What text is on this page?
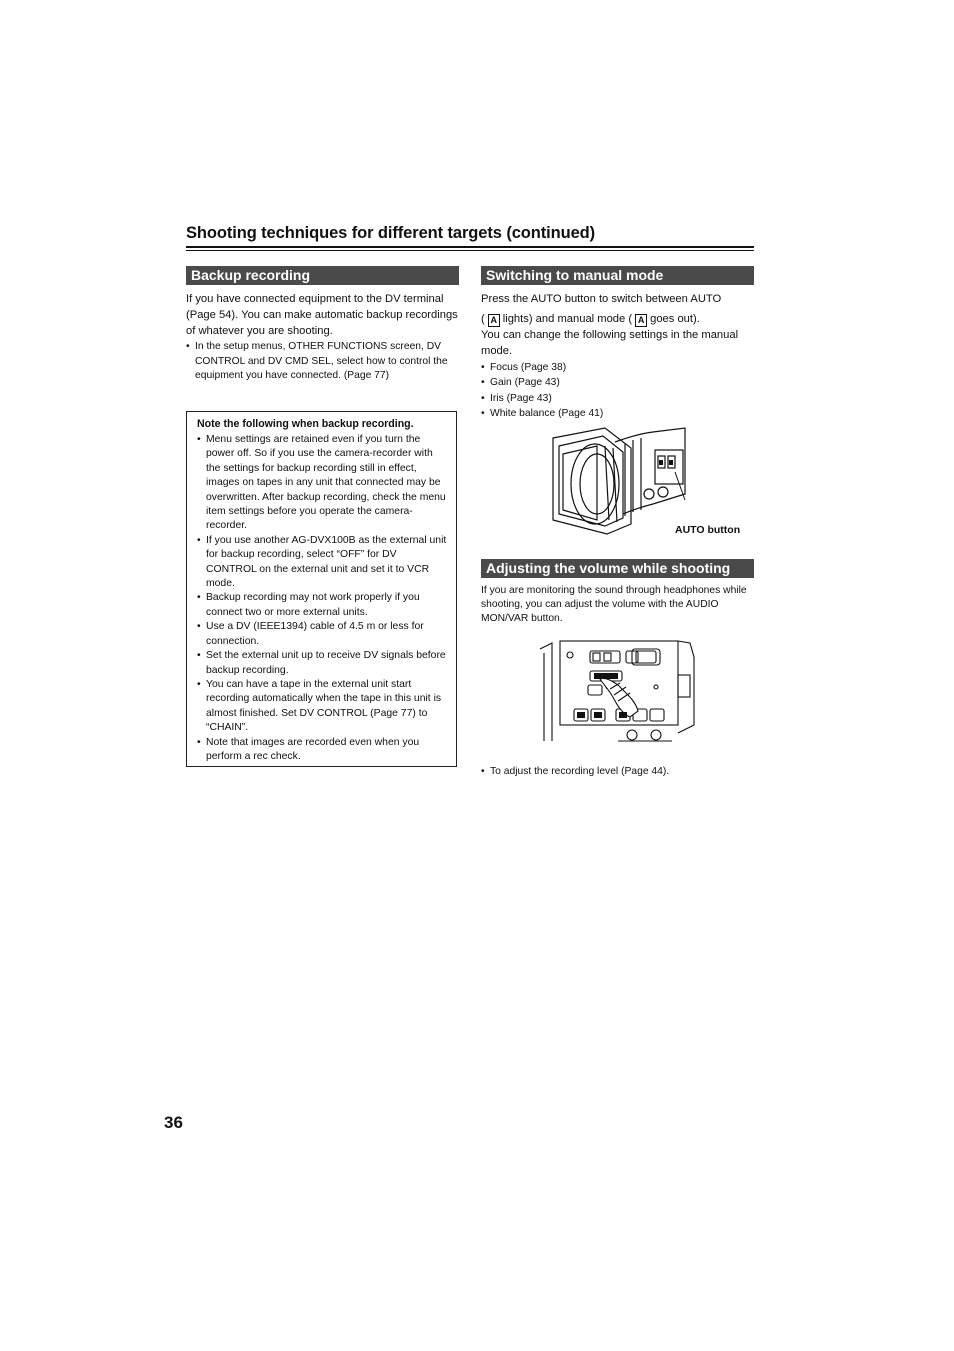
Shooting techniques for different targets (continued)
Backup recording

If you have connected equipment to the DV terminal (Page 54). You can make automatic backup recordings of whatever you are shooting.

• In the setup menus, OTHER FUNCTIONS screen, DV CONTROL and DV CMD SEL, select how to control the equipment you have connected. (Page 77)

Note the following when backup recording.

• Menu settings are retained even if you turn the power off. So if you use the camera-recorder with the settings for backup recording still in effect, images on tapes in any unit that connected may be overwritten. After backup recording, check the menu item settings before you operate the camera-recorder.
• If you use another AG-DVX100B as the external unit for backup recording, select “OFF” for DV CONTROL on the external unit and set it to VCR mode.
• Backup recording may not work properly if you connect two or more external units.
• Use a DV (IEEE1394) cable of 4.5 m or less for connection.
• Set the external unit up to receive DV signals before backup recording.
• You can have a tape in the external unit start recording automatically when the tape in this unit is almost finished. Set DV CONTROL (Page 77) to “CHAIN”.
• Note that images are recorded even when you perform a rec check.
Switching to manual mode

Press the AUTO button to switch between AUTO

( A lights) and manual mode ( A goes out).

You can change the following settings in the manual mode.

• Focus (Page 38)
• Gain (Page 43)
• Iris (Page 43)
• White balance (Page 41)
AUTO button
Adjusting the volume while shooting

If you are monitoring the sound through headphones while shooting, you can adjust the volume with the AUDIO MON/VAR button.

• To adjust the recording level (Page 44).
36
